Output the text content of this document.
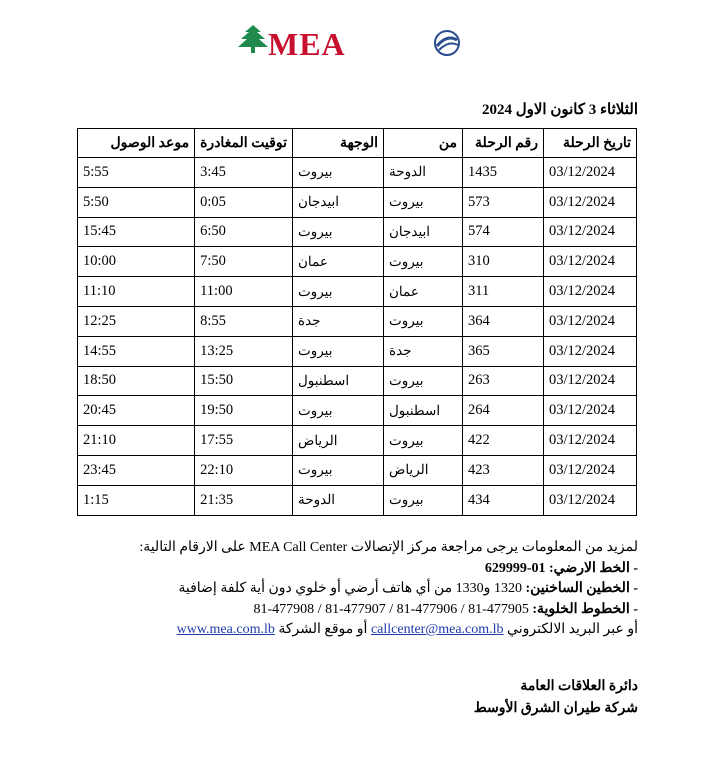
MEA
الثلاثاء 3 كانون الاول 2024
تاريخ الرحلة	رقم الرحلة	من	الوجهة	توقيت المغادرة	موعد الوصول
03/12/2024	1435	الدوحة	بيروت	3:45	5:55
03/12/2024	573	بيروت	ابيدجان	0:05	5:50
03/12/2024	574	ابيدجان	بيروت	6:50	15:45
03/12/2024	310	بيروت	عمان	7:50	10:00
03/12/2024	311	عمان	بيروت	11:00	11:10
03/12/2024	364	بيروت	جدة	8:55	12:25
03/12/2024	365	جدة	بيروت	13:25	14:55
03/12/2024	263	بيروت	اسطنبول	15:50	18:50
03/12/2024	264	اسطنبول	بيروت	19:50	20:45
03/12/2024	422	بيروت	الرياض	17:55	21:10
03/12/2024	423	الرياض	بيروت	22:10	23:45
03/12/2024	434	بيروت	الدوحة	21:35	1:15
لمزيد من المعلومات يرجى مراجعة مركز الإتصالات MEA Call Center على الارقام التالية:
- الخط الارضي: 01-629999
- الخطين الساخنين: 1320 و1330 من أي هاتف أرضي أو خلوي دون أية كلفة إضافية
- الخطوط الخلوية: 81-477908 / 81-477907 / 81-477906 / 81-477905
أو عبر البريد الالكتروني callcenter@mea.com.lb أو موقع الشركة www.mea.com.lb
دائرة العلاقات العامة
شركة طيران الشرق الأوسط
